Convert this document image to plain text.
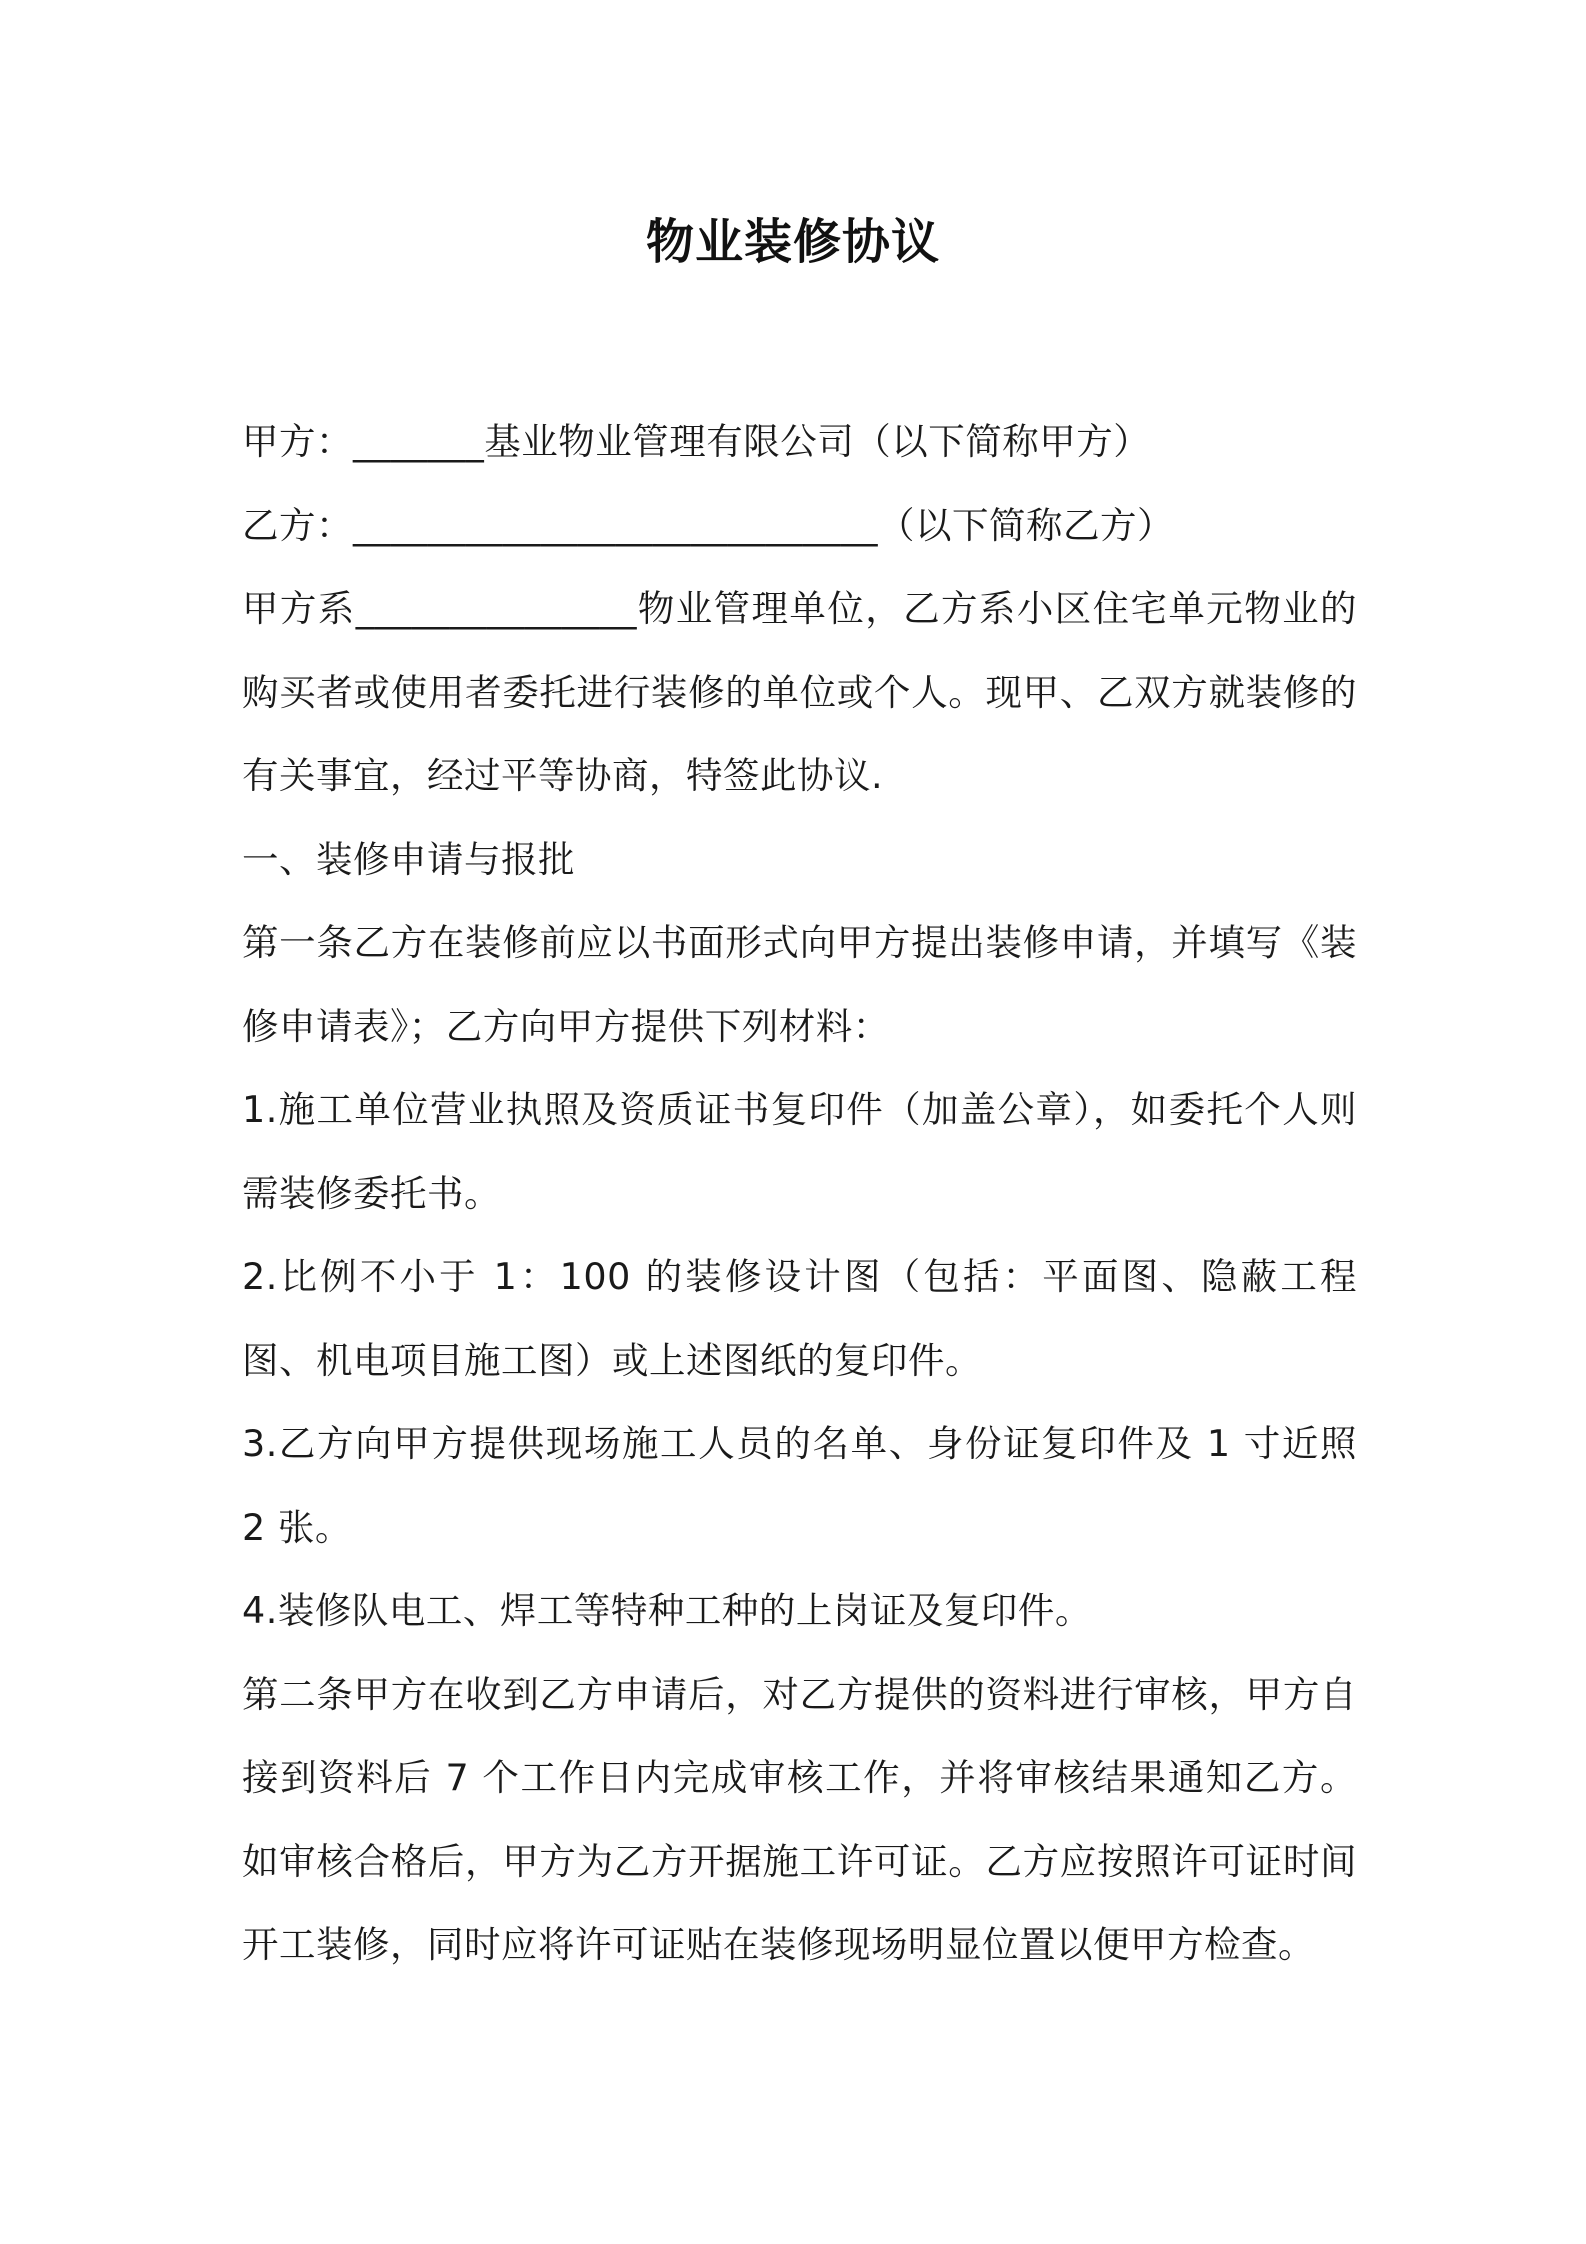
物业装修协议

甲方：_______基业物业管理有限公司（以下简称甲方）

乙方：____________________________（以下简称乙方）

甲方系_______________物业管理单位，乙方系小区住宅单元物业的购买者或使用者委托进行装修的单位或个人。现甲、乙双方就装修的有关事宜，经过平等协商，特签此协议.

一、装修申请与报批

第一条乙方在装修前应以书面形式向甲方提出装修申请，并填写《装修申请表》；乙方向甲方提供下列材料：

1.施工单位营业执照及资质证书复印件（加盖公章），如委托个人则需装修委托书。

2.比例不小于 1：100 的装修设计图（包括：平面图、隐蔽工程图、机电项目施工图）或上述图纸的复印件。

3.乙方向甲方提供现场施工人员的名单、身份证复印件及 1 寸近照 2 张。

4.装修队电工、焊工等特种工种的上岗证及复印件。

第二条甲方在收到乙方申请后，对乙方提供的资料进行审核，甲方自接到资料后 7 个工作日内完成审核工作，并将审核结果通知乙方。如审核合格后，甲方为乙方开据施工许可证。乙方应按照许可证时间开工装修，同时应将许可证贴在装修现场明显位置以便甲方检查。
